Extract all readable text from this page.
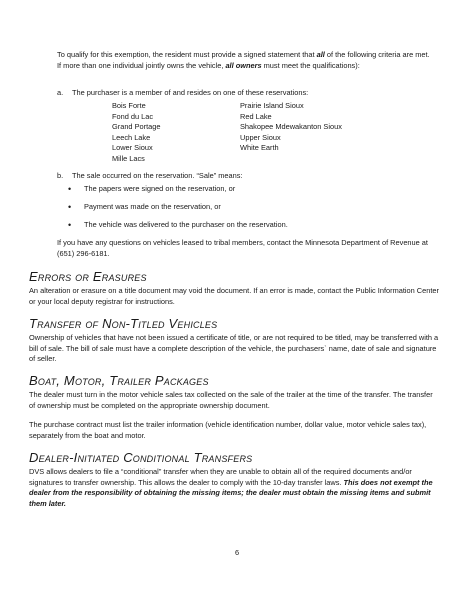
To qualify for this exemption, the resident must provide a signed statement that all of the following criteria are met. If more than one individual jointly owns the vehicle, all owners must meet the qualifications):

a. The purchaser is a member of and resides on one of these reservations:
Bois Forte
Fond du Lac
Grand Portage
Leech Lake
Lower Sioux
Mille Lacs
Prairie Island Sioux
Red Lake
Shakopee Mdewakanton Sioux
Upper Sioux
White Earth
b. The sale occurred on the reservation. “Sale” means:
• The papers were signed on the reservation, or
• Payment was made on the reservation, or
• The vehicle was delivered to the purchaser on the reservation.

If you have any questions on vehicles leased to tribal members, contact the Minnesota Department of Revenue at (651) 296-6181.

Errors or Erasures

An alteration or erasure on a title document may void the document. If an error is made, contact the Public Information Center or your local deputy registrar for instructions.

Transfer of Non-Titled Vehicles

Ownership of vehicles that have not been issued a certificate of title, or are not required to be titled, may be transferred with a bill of sale. The bill of sale must have a complete description of the vehicle, the purchasers` name, date of sale and signature of seller.

Boat, Motor, Trailer Packages

The dealer must turn in the motor vehicle sales tax collected on the sale of the trailer at the time of the transfer. The transfer of ownership must be completed on the appropriate ownership document.

The purchase contract must list the trailer information (vehicle identification number, dollar value, motor vehicle sales tax), separately from the boat and motor.

Dealer-Initiated Conditional Transfers

DVS allows dealers to file a “conditional” transfer when they are unable to obtain all of the required documents and/or signatures to transfer ownership. This allows the dealer to comply with the 10-day transfer laws. This does not exempt the dealer from the responsibility of obtaining the missing items; the dealer must obtain the missing items and submit them later.

6
